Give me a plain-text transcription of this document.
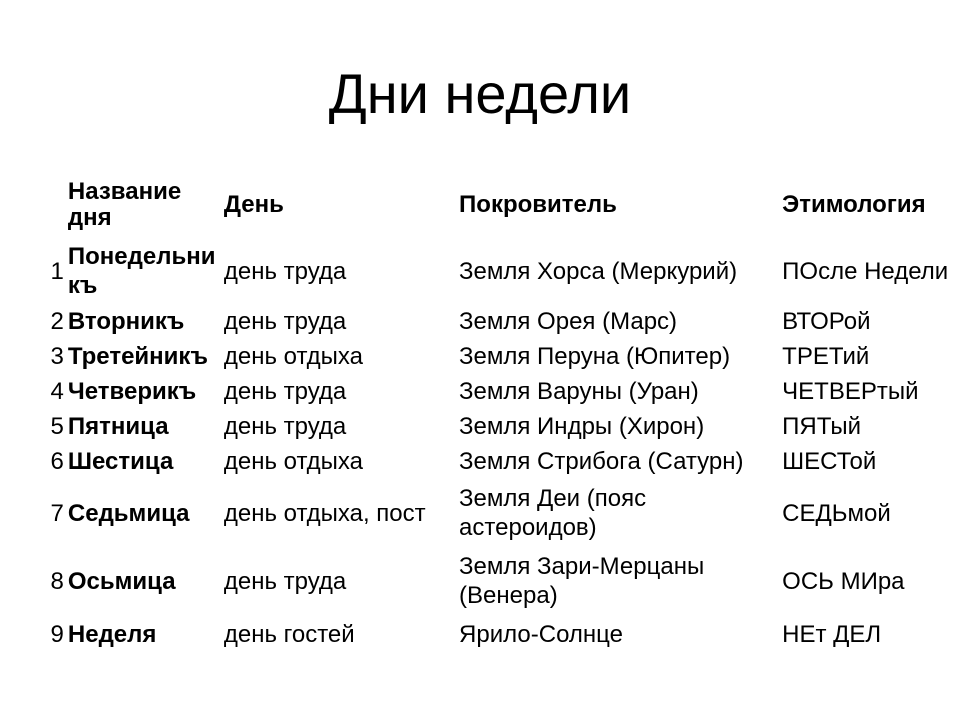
Дни недели
	Название дня	День	Покровитель	Этимология
1	Понедельни къ	день труда	Земля Хорса (Меркурий)	ПОсле Недели
2	Вторникъ	день труда	Земля Орея (Марс)	ВТОРой
3	Третейникъ	день отдыха	Земля Перуна (Юпитер)	ТРЕТий
4	Четверикъ	день труда	Земля Варуны (Уран)	ЧЕТВЕРтый
5	Пятница	день труда	Земля Индры (Хирон)	ПЯТый
6	Шестица	день отдыха	Земля Стрибога (Сатурн)	ШЕСТой
7	Седьмица	день отдыха, пост	Земля Деи (пояс астероидов)	СЕДЬмой
8	Осьмица	день труда	Земля Зари-Мерцаны (Венера)	ОСЬ МИра
9	Неделя	день гостей	Ярило-Солнце	НЕт ДЕЛ
